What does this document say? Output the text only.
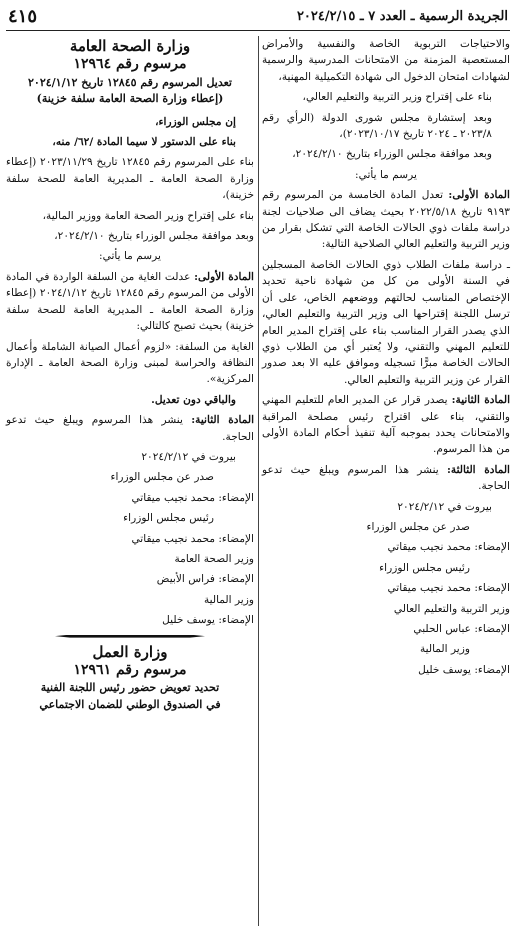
الجريدة الرسمية ـ العدد ٧ ـ ٢٠٢٤/٢/١٥
٤١٥

والاحتياجات التربوية الخاصة والنفسية والأمراض المستعصية المزمنة من الامتحانات المدرسية والرسمية لشهادات امتحان الدخول الى شهادة التكميلية المهنية،

بناء على إقتراح وزير التربية والتعليم العالي،

وبعد إستشارة مجلس شورى الدولة (الرأي رقم ٢٠٢٣/٨ ـ ٢٠٢٤ تاريخ ٢٠٢٣/١٠/١٧)،

وبعد موافقة مجلس الوزراء بتاريخ ٢٠٢٤/٢/١٠،

يرسم ما يأتي:

المادة الأولى: تعدل المادة الخامسة من المرسوم رقم ٩١٩٣ تاريخ ٢٠٢٢/٥/١٨ بحيث يضاف الى صلاحيات لجنة دراسة ملفات ذوي الحالات الخاصة التي تشكل بقرار من وزير التربية والتعليم العالي الصلاحية التالية:

ـ دراسة ملفات الطلاب ذوي الحالات الخاصة المسجلين في السنة الأولى من كل من شهادة ناحية تحديد الإختصاص المناسب لحالتهم ووضعهم الخاص، على أن ترسل اللجنة إقتراحها الى وزير التربية والتعليم العالي، الذي يصدر القرار المناسب بناء على إقتراح المدير العام للتعليم المهني والتقني، ولا يُعتبر أي من الطلاب ذوي الحالات الخاصة مبرًّا تسجيله وموافق عليه الا بعد صدور القرار عن وزير التربية والتعليم العالي.

المادة الثانية: يصدر قرار عن المدير العام للتعليم المهني والتقني، بناء على اقتراح رئيس مصلحة المراقبة والامتحانات يحدد بموجبه آلية تنفيذ أحكام المادة الأولى من هذا المرسوم.

المادة الثالثة: ينشر هذا المرسوم ويبلغ حيث تدعو الحاجة.

بيروت في ٢٠٢٤/٢/١٢

صدر عن مجلس الوزراء

الإمضاء: محمد نجيب ميقاتي

رئيس مجلس الوزراء

الإمضاء: محمد نجيب ميقاتي

وزير التربية والتعليم العالي

الإمضاء: عباس الحلبي

وزير المالية

الإمضاء: يوسف خليل

وزارة الصحة العامة
مرسوم رقم ١٢٩٦٤
تعديل المرسوم رقم ١٢٨٤٥ تاريخ ٢٠٢٤/١/١٢
(إعطاء وزارة الصحة العامة سلفة خزينة)

إن مجلس الوزراء،

بناء على الدستور لا سيما المادة /٦٢/ منه،

بناء على المرسوم رقم ١٢٨٤٥ تاريخ ٢٠٢٣/١١/٢٩ (إعطاء وزارة الصحة العامة ـ المديرية العامة للصحة سلفة خزينة)،

بناء على إقتراح وزير الصحة العامة ووزير المالية،

وبعد موافقة مجلس الوزراء بتاريخ ٢٠٢٤/٢/١٠،

يرسم ما يأتي:

المادة الأولى: عدلت الغاية من السلفة الواردة في المادة الأولى من المرسوم رقم ١٢٨٤٥ تاريخ ٢٠٢٤/١/١٢ (إعطاء وزارة الصحة العامة ـ المديرية العامة للصحة سلفة خزينة) بحيث تصبح كالتالي:

الغاية من السلفة: «لزوم أعمال الصيانة الشاملة وأعمال النظافة والحراسة لمبنى وزارة الصحة العامة ـ الإدارة المركزية».

والباقي دون تعديل.

المادة الثانية: ينشر هذا المرسوم ويبلغ حيث تدعو الحاجة.

بيروت في ٢٠٢٤/٢/١٢

صدر عن مجلس الوزراء

الإمضاء: محمد نجيب ميقاتي

رئيس مجلس الوزراء

الإمضاء: محمد نجيب ميقاتي

وزير الصحة العامة

الإمضاء: فراس الأبيض

وزير المالية

الإمضاء: يوسف خليل

وزارة العمل
مرسوم رقم ١٢٩٦١
تحديد تعويض حضور رئيس اللجنة الفنية
في الصندوق الوطني للضمان الاجتماعي
